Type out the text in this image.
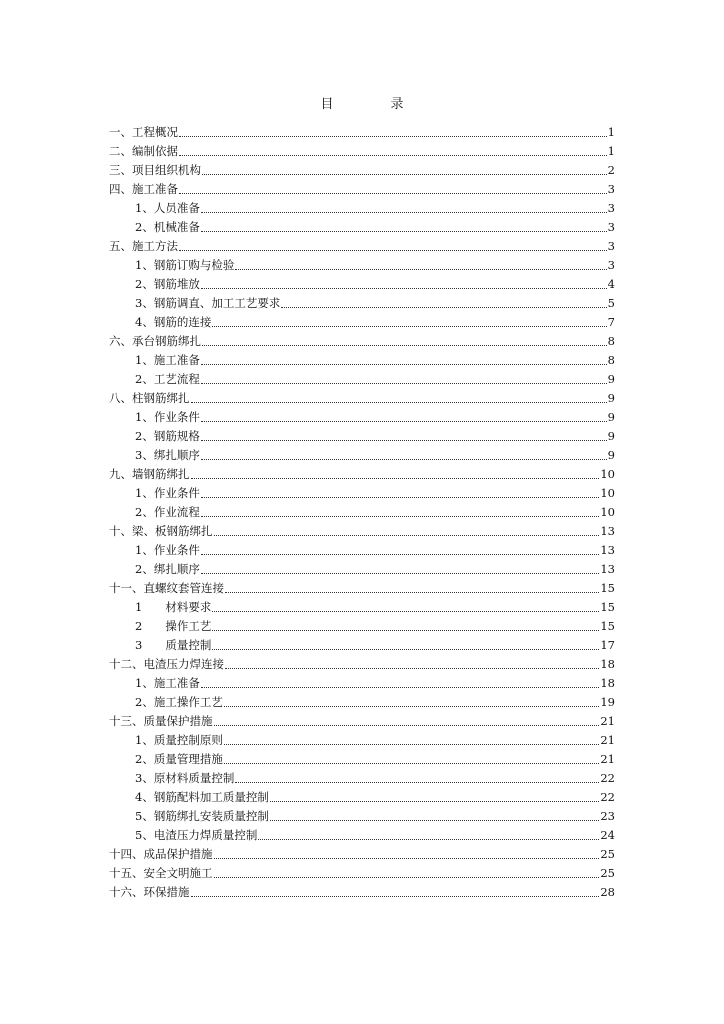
目　录
一、工程概况	1
二、编制依据	1
三、项目组织机构	2
四、施工准备	3
1、人员准备	3
2、机械准备	3
五、施工方法	3
1、钢筋订购与检验	3
2、钢筋堆放	4
3、钢筋调直、加工工艺要求	5
4、钢筋的连接	7
六、承台钢筋绑扎	8
1、施工准备	8
2、工艺流程	9
八、柱钢筋绑扎	9
1、作业条件	9
2、钢筋规格	9
3、绑扎顺序	9
九、墙钢筋绑扎	10
1、作业条件	10
2、作业流程	10
十、梁、板钢筋绑扎	13
1、作业条件	13
2、绑扎顺序	13
十一、直螺纹套管连接	15
1　　材料要求	15
2　　操作工艺	15
3　　质量控制	17
十二、电渣压力焊连接	18
1、施工准备	18
2、施工操作工艺	19
十三、质量保护措施	21
1、质量控制原则	21
2、质量管理措施	21
3、原材料质量控制	22
4、钢筋配料加工质量控制	22
5、钢筋绑扎安装质量控制	23
5、电渣压力焊质量控制	24
十四、成品保护措施	25
十五、安全文明施工	25
十六、环保措施	28
